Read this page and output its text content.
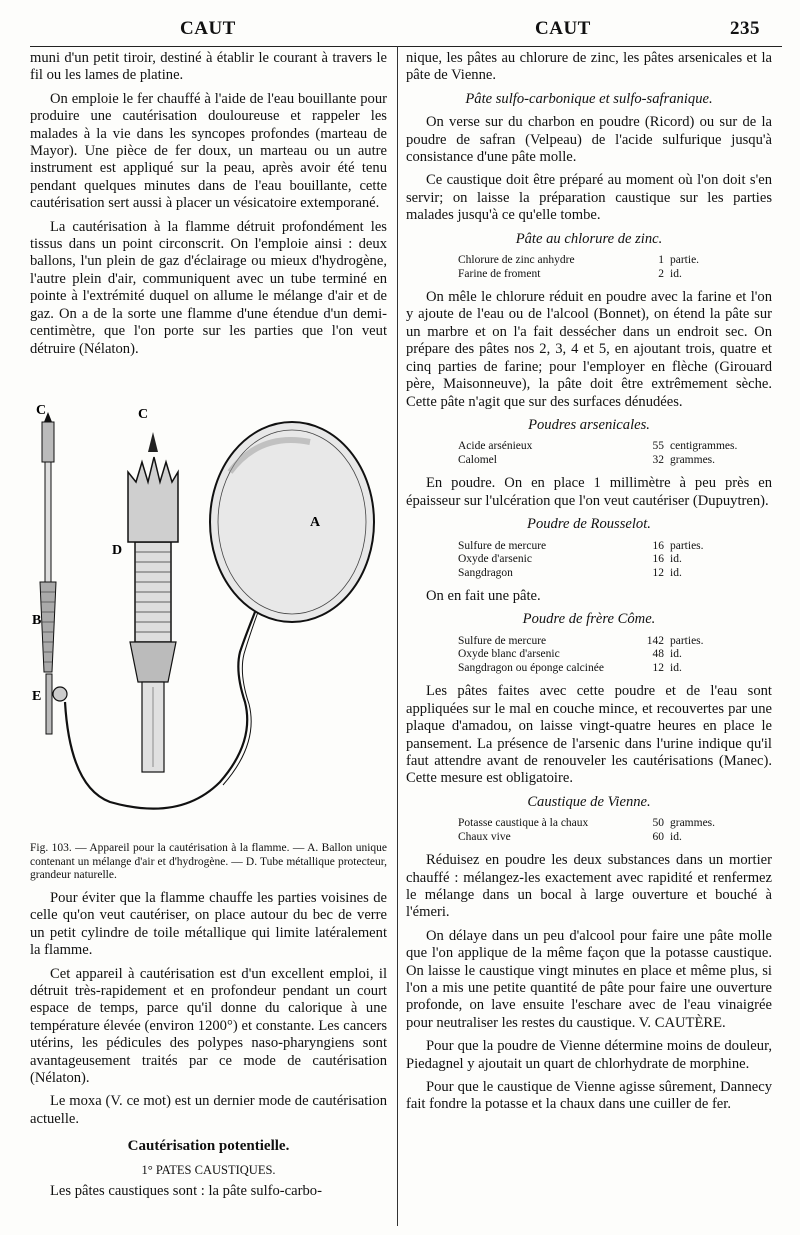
CAUT	CAUT	235

muni d'un petit tiroir, destiné à établir le courant à travers le fil ou les lames de platine.

On emploie le fer chauffé à l'aide de l'eau bouillante pour produire une cautérisation douloureuse et rappeler les malades à la vie dans les syncopes profondes (marteau de Mayor). Une pièce de fer doux, un marteau ou un autre instrument est appliqué sur la peau, après avoir été tenu pendant quelques minutes dans de l'eau bouillante, cette cautérisation sert aussi à placer un vésicatoire extemporané.

La cautérisation à la flamme détruit profondément les tissus dans un point circonscrit. On l'emploie ainsi : deux ballons, l'un plein de gaz d'éclairage ou mieux d'hydrogène, l'autre plein d'air, communiquent avec un tube terminé en pointe à l'extrémité duquel on allume le mélange d'air et de gaz. On a de la sorte une flamme d'une étendue d'un demi-centimètre, que l'on porte sur les parties que l'on veut détruire (Nélaton).

C	C
D
A
B
E
Fig. 103. — Appareil pour la cautérisation à la flamme. — A. Ballon unique contenant un mélange d'air et d'hydrogène. — D. Tube métallique protecteur, grandeur naturelle.

Pour éviter que la flamme chauffe les parties voisines de celle qu'on veut cautériser, on place autour du bec de verre un petit cylindre de toile métallique qui limite latéralement la flamme.

Cet appareil à cautérisation est d'un excellent emploi, il détruit très-rapidement et en profondeur pendant un court espace de temps, parce qu'il donne du calorique à une température élevée (environ 1200°) et constante. Les cancers utérins, les pédicules des polypes naso-pharyngiens sont avantageusement traités par ce mode de cautérisation (Nélaton).

Le moxa (V. ce mot) est un dernier mode de cautérisation actuelle.

Cautérisation potentielle.
1° PATES CAUSTIQUES.

Les pâtes caustiques sont : la pâte sulfo-carbo-

nique, les pâtes au chlorure de zinc, les pâtes arsenicales et la pâte de Vienne.

Pâte sulfo-carbonique et sulfo-safranique.

On verse sur du charbon en poudre (Ricord) ou sur de la poudre de safran (Velpeau) de l'acide sulfurique jusqu'à consistance d'une pâte molle.

Ce caustique doit être préparé au moment où l'on doit s'en servir; on laisse la préparation caustique sur les parties malades jusqu'à ce qu'elle tombe.

Pâte au chlorure de zinc.
Chlorure de zinc anhydre	1 partie.
Farine de froment	2 id.

On mêle le chlorure réduit en poudre avec la farine et l'on y ajoute de l'eau ou de l'alcool (Bonnet), on étend la pâte sur un marbre et on l'a fait dessécher dans un endroit sec. On prépare des pâtes nos 2, 3, 4 et 5, en ajoutant trois, quatre et cinq parties de farine; pour l'employer en flèche (Girouard père, Maisonneuve), la pâte doit être extrêmement sèche. Cette pâte n'agit que sur des surfaces dénudées.

Poudres arsenicales.
Acide arsénieux	55 centigrammes.
Calomel	32 grammes.

En poudre. On en place 1 millimètre à peu près en épaisseur sur l'ulcération que l'on veut cautériser (Dupuytren).

Poudre de Rousselot.
Sulfure de mercure	16 parties.
Oxyde d'arsenic	16 id.
Sangdragon	12 id.

On en fait une pâte.

Poudre de frère Côme.
Sulfure de mercure	142 parties.
Oxyde blanc d'arsenic	48 id.
Sangdragon ou éponge calcinée	12 id.

Les pâtes faites avec cette poudre et de l'eau sont appliquées sur le mal en couche mince, et recouvertes par une plaque d'amadou, on laisse vingt-quatre heures en place le pansement. La présence de l'arsenic dans l'urine indique qu'il faut attendre avant de renouveler les cautérisations (Manec). Cette mesure est obligatoire.

Caustique de Vienne.
Potasse caustique à la chaux	50 grammes.
Chaux vive	60 id.

Réduisez en poudre les deux substances dans un mortier chauffé : mélangez-les exactement avec rapidité et renfermez le mélange dans un bocal à large ouverture et bouché à l'émeri.

On délaye dans un peu d'alcool pour faire une pâte molle que l'on applique de la même façon que la potasse caustique. On laisse le caustique vingt minutes en place et même plus, si l'on a mis une petite quantité de pâte pour faire une ouverture profonde, on lave ensuite l'eschare avec de l'eau vinaigrée pour neutraliser les restes du caustique. V. CAUTÈRE.

Pour que la poudre de Vienne détermine moins de douleur, Piedagnel y ajoutait un quart de chlorhydrate de morphine.

Pour que le caustique de Vienne agisse sûrement, Dannecy fait fondre la potasse et la chaux dans une cuiller de fer.
